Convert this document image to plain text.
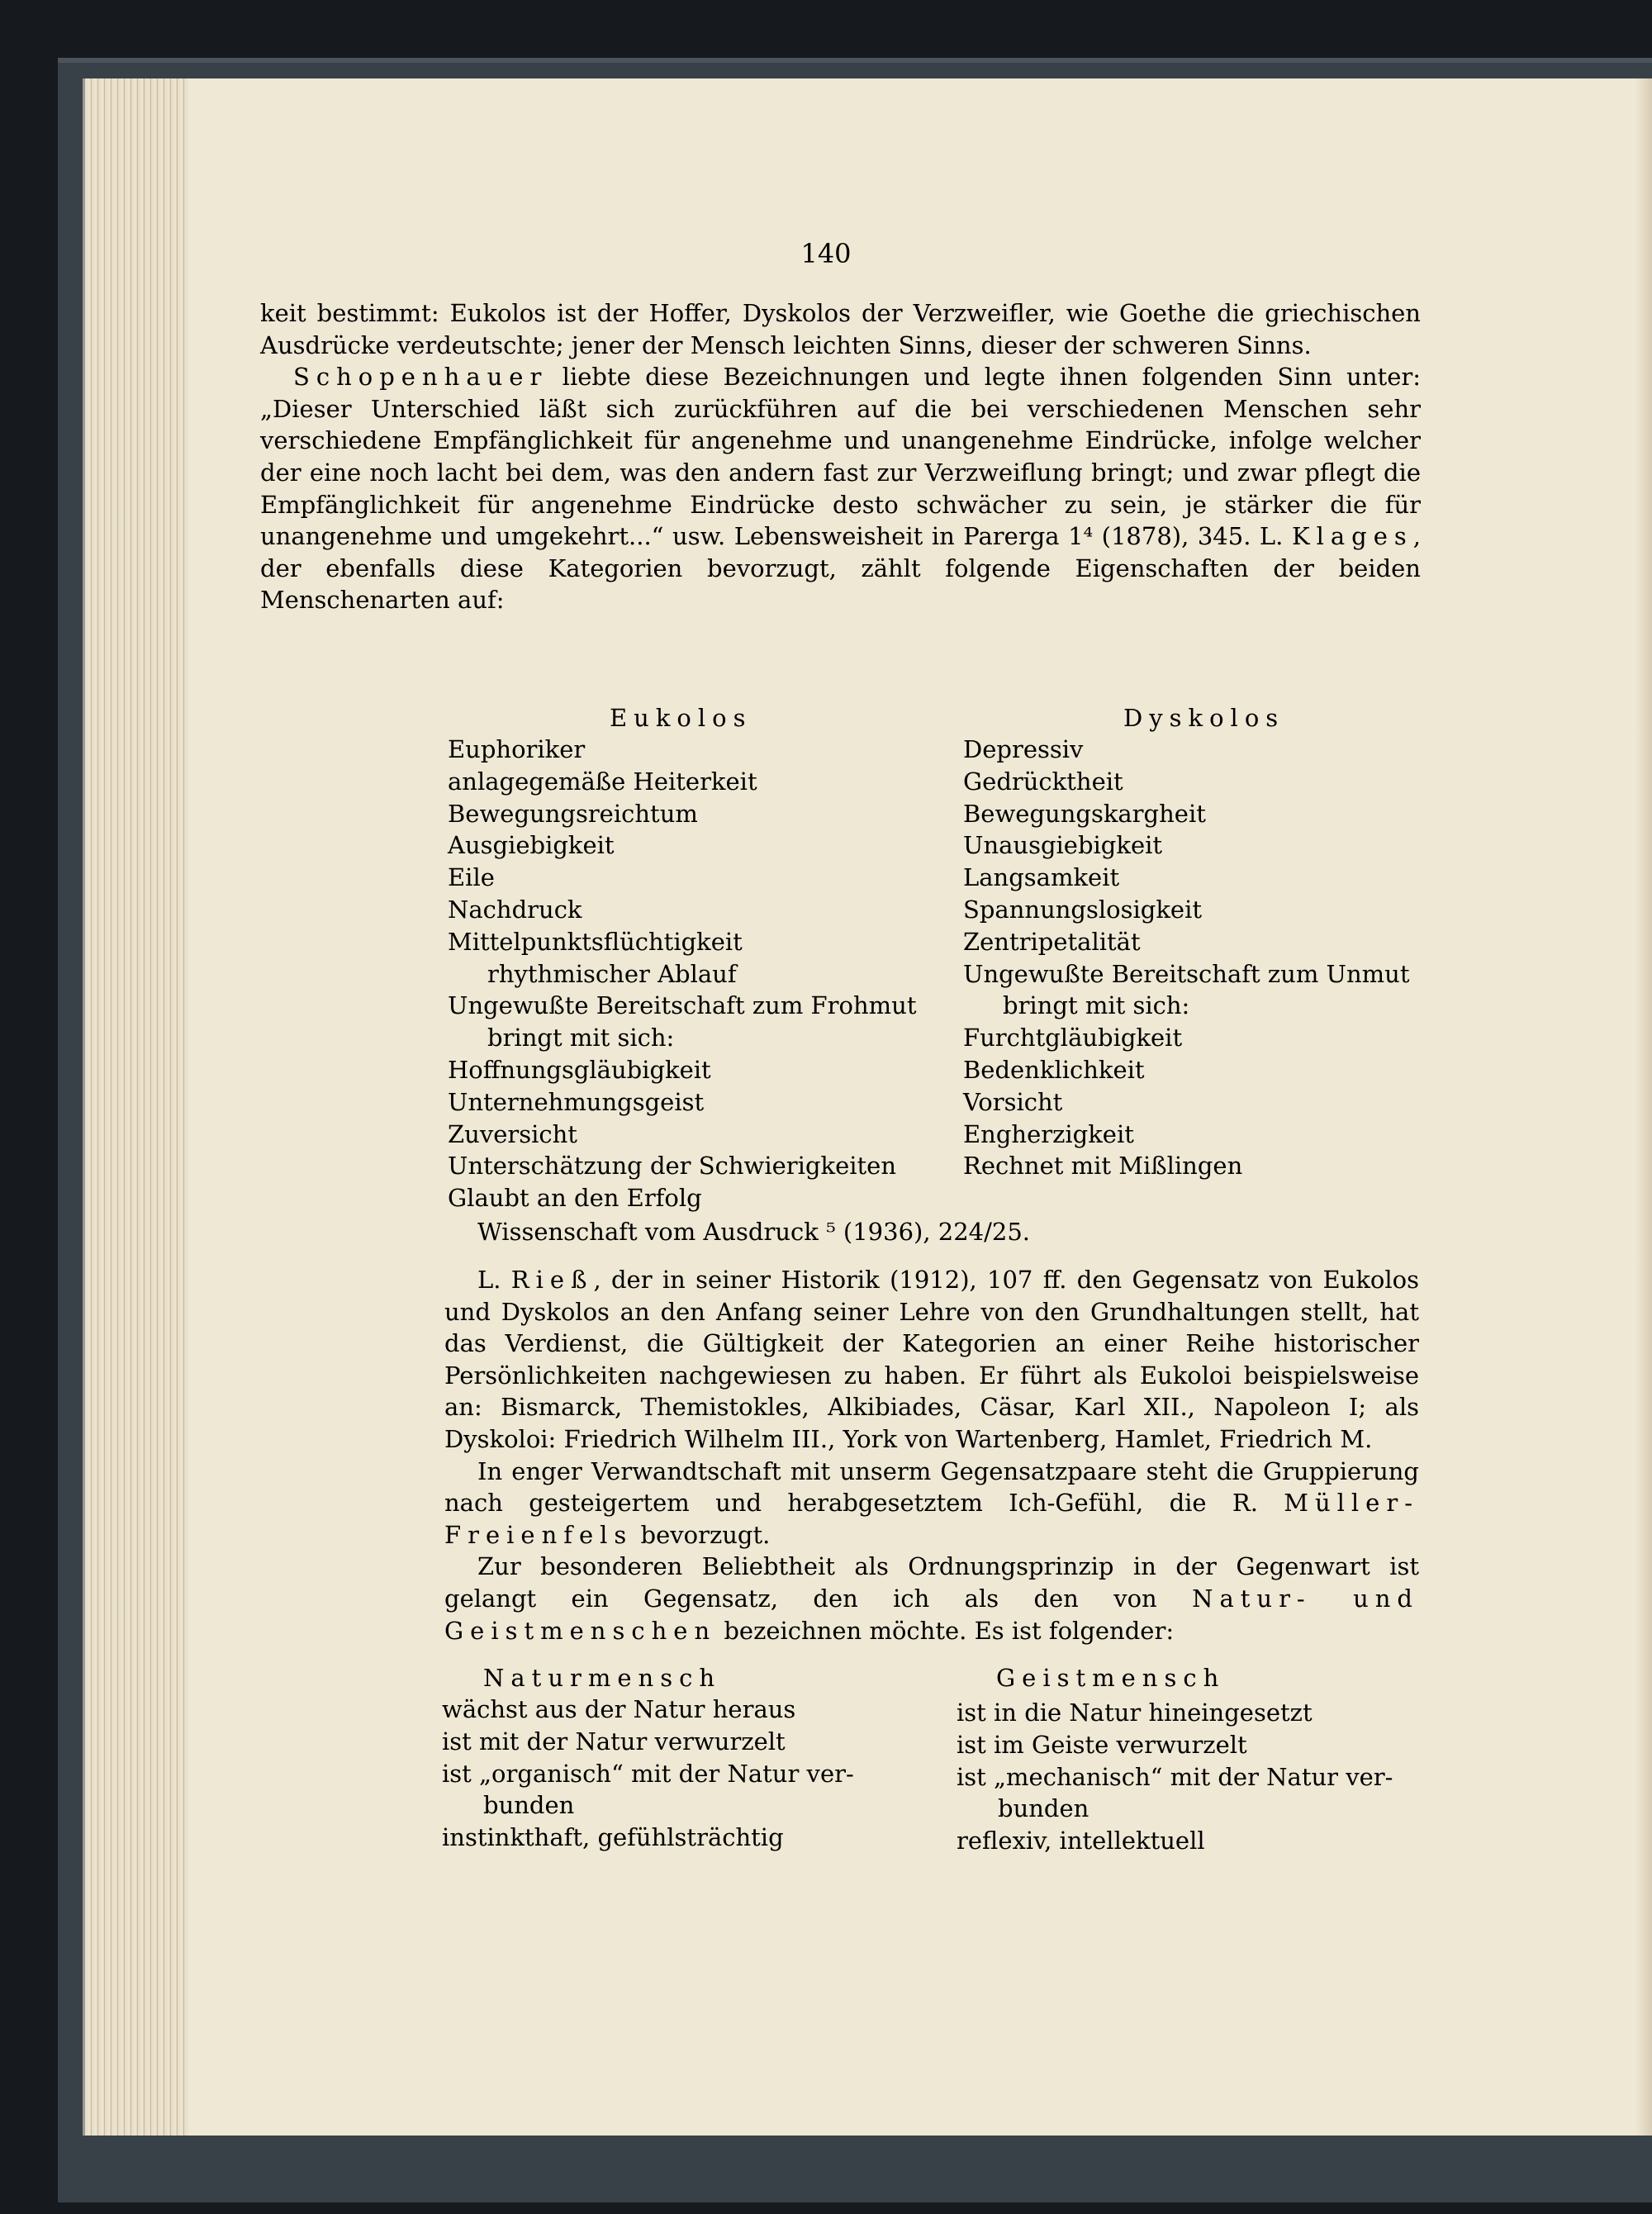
140

keit bestimmt: Eukolos ist der Hoffer, Dyskolos der Verzweifler, wie Goethe die griechischen Ausdrücke verdeutschte; jener der Mensch leichten Sinns, dieser der schweren Sinns.

Schopenhauer liebte diese Bezeichnungen und legte ihnen folgenden Sinn unter: „Dieser Unterschied läßt sich zurückführen auf die bei verschiedenen Menschen sehr verschiedene Empfänglichkeit für angenehme und unangenehme Eindrücke, infolge welcher der eine noch lacht bei dem, was den andern fast zur Verzweiflung bringt; und zwar pflegt die Empfänglichkeit für angenehme Eindrücke desto schwächer zu sein, je stärker die für unangenehme und umgekehrt...“ usw. Lebensweisheit in Parerga 1⁴ (1878), 345. L. Klages, der ebenfalls diese Kategorien bevorzugt, zählt folgende Eigenschaften der beiden Menschenarten auf:

Eukolos	Dyskolos
Euphoriker
anlagegemäße Heiterkeit
Bewegungsreichtum
Ausgiebigkeit
Eile
Nachdruck
Mittelpunktsflüchtigkeit
rhythmischer Ablauf
Ungewußte Bereitschaft zum Frohmut
bringt mit sich:
Hoffnungsgläubigkeit
Unternehmungsgeist
Zuversicht
Unterschätzung der Schwierigkeiten
Glaubt an den Erfolg
Depressiv
Gedrücktheit
Bewegungskargheit
Unausgiebigkeit
Langsamkeit
Spannungslosigkeit
Zentripetalität
Ungewußte Bereitschaft zum Unmut
bringt mit sich:
Furchtgläubigkeit
Bedenklichkeit
Vorsicht
Engherzigkeit
Rechnet mit Mißlingen
Wissenschaft vom Ausdruck ⁵ (1936), 224/25.

L. Rieß, der in seiner Historik (1912), 107 ff. den Gegensatz von Eukolos und Dyskolos an den Anfang seiner Lehre von den Grundhaltungen stellt, hat das Verdienst, die Gültigkeit der Kategorien an einer Reihe historischer Persönlichkeiten nachgewiesen zu haben. Er führt als Eukoloi beispielsweise an: Bismarck, Themistokles, Alkibiades, Cäsar, Karl XII., Napoleon I; als Dyskoloi: Friedrich Wilhelm III., York von Wartenberg, Hamlet, Friedrich M.

In enger Verwandtschaft mit unserm Gegensatzpaare steht die Gruppierung nach gesteigertem und herabgesetztem Ich-Gefühl, die R. Müller-Freienfels bevorzugt.

Zur besonderen Beliebtheit als Ordnungsprinzip in der Gegenwart ist gelangt ein Gegensatz, den ich als den von Natur- und Geistmenschen bezeichnen möchte. Es ist folgender:

Naturmensch	Geistmensch
wächst aus der Natur heraus
ist mit der Natur verwurzelt
ist „organisch“ mit der Natur ver-
bunden
instinkthaft, gefühlsträchtig
ist in die Natur hineingesetzt
ist im Geiste verwurzelt
ist „mechanisch“ mit der Natur ver-
bunden
reflexiv, intellektuell
